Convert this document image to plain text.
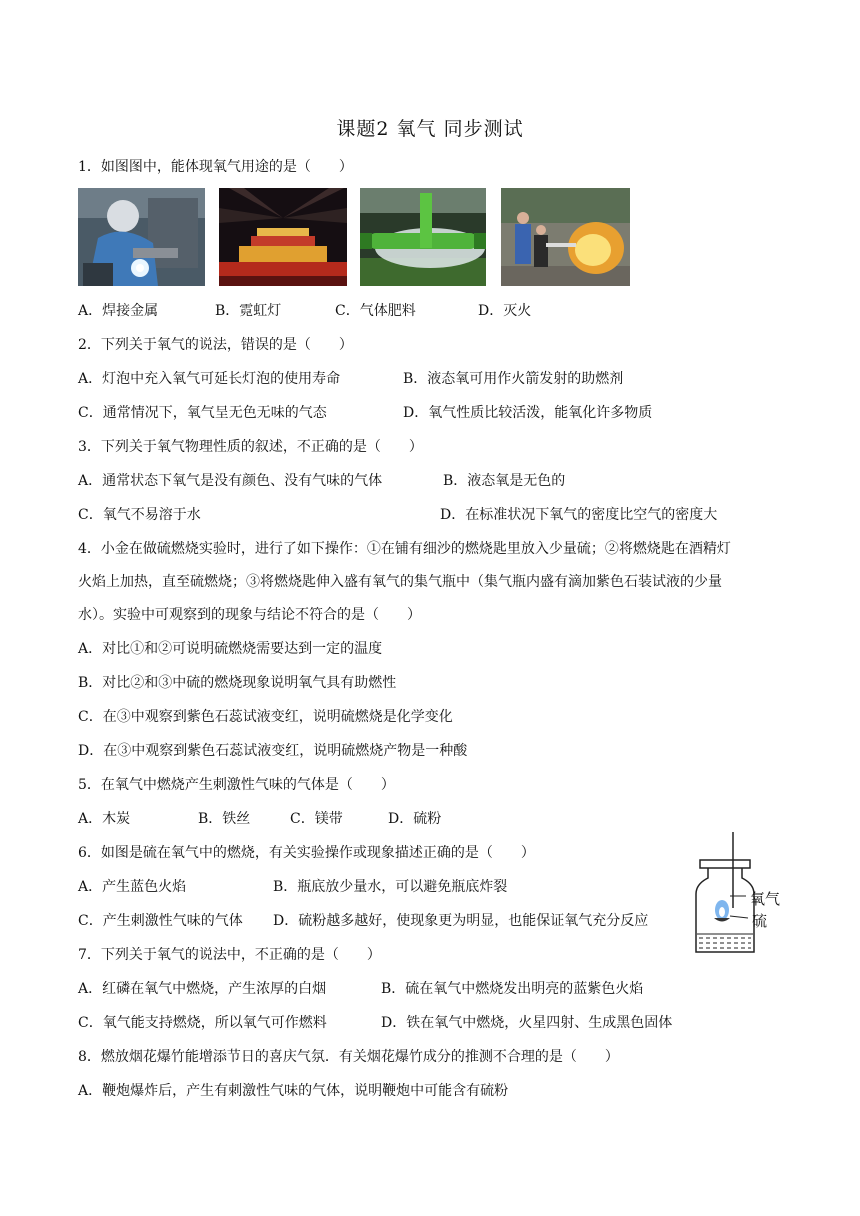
课题2 氧气 同步测试
1．如图图中，能体现氧气用途的是（　　）
A．焊接金属	B．霓虹灯	C．气体肥料	D．灭火
2．下列关于氧气的说法，错误的是（　　）
A．灯泡中充入氧气可延长灯泡的使用寿命	B．液态氧可用作火箭发射的助燃剂
C．通常情况下，氧气呈无色无味的气态	D．氧气性质比较活泼，能氧化许多物质
3．下列关于氧气物理性质的叙述，不正确的是（　　）
A．通常状态下氧气是没有颜色、没有气味的气体	B．液态氧是无色的
C．氧气不易溶于水	D．在标准状况下氧气的密度比空气的密度大
4．小金在做硫燃烧实验时，进行了如下操作：①在铺有细沙的燃烧匙里放入少量硫；②将燃烧匙在酒精灯
火焰上加热，直至硫燃烧；③将燃烧匙伸入盛有氧气的集气瓶中（集气瓶内盛有滴加紫色石装试液的少量
水）。实验中可观察到的现象与结论不符合的是（　　）
A．对比①和②可说明硫燃烧需要达到一定的温度
B．对比②和③中硫的燃烧现象说明氧气具有助燃性
C．在③中观察到紫色石蕊试液变红，说明硫燃烧是化学变化
D．在③中观察到紫色石蕊试液变红，说明硫燃烧产物是一种酸
5．在氧气中燃烧产生刺激性气味的气体是（　　）
A．木炭	B．铁丝	C．镁带	D．硫粉
6．如图是硫在氧气中的燃烧，有关实验操作或现象描述正确的是（　　）
A．产生蓝色火焰	B．瓶底放少量水，可以避免瓶底炸裂
C．产生刺激性气味的气体 D．硫粉越多越好，使现象更为明显，也能保证氧气充分反应
氧气
硫
7．下列关于氧气的说法中，不正确的是（　　）
A．红磷在氧气中燃烧，产生浓厚的白烟	B．硫在氧气中燃烧发出明亮的蓝紫色火焰
C．氧气能支持燃烧，所以氧气可作燃料	D．铁在氧气中燃烧，火星四射、生成黑色固体
8．燃放烟花爆竹能增添节日的喜庆气氛．有关烟花爆竹成分的推测不合理的是（　　）
A．鞭炮爆炸后，产生有刺激性气味的气体，说明鞭炮中可能含有硫粉
